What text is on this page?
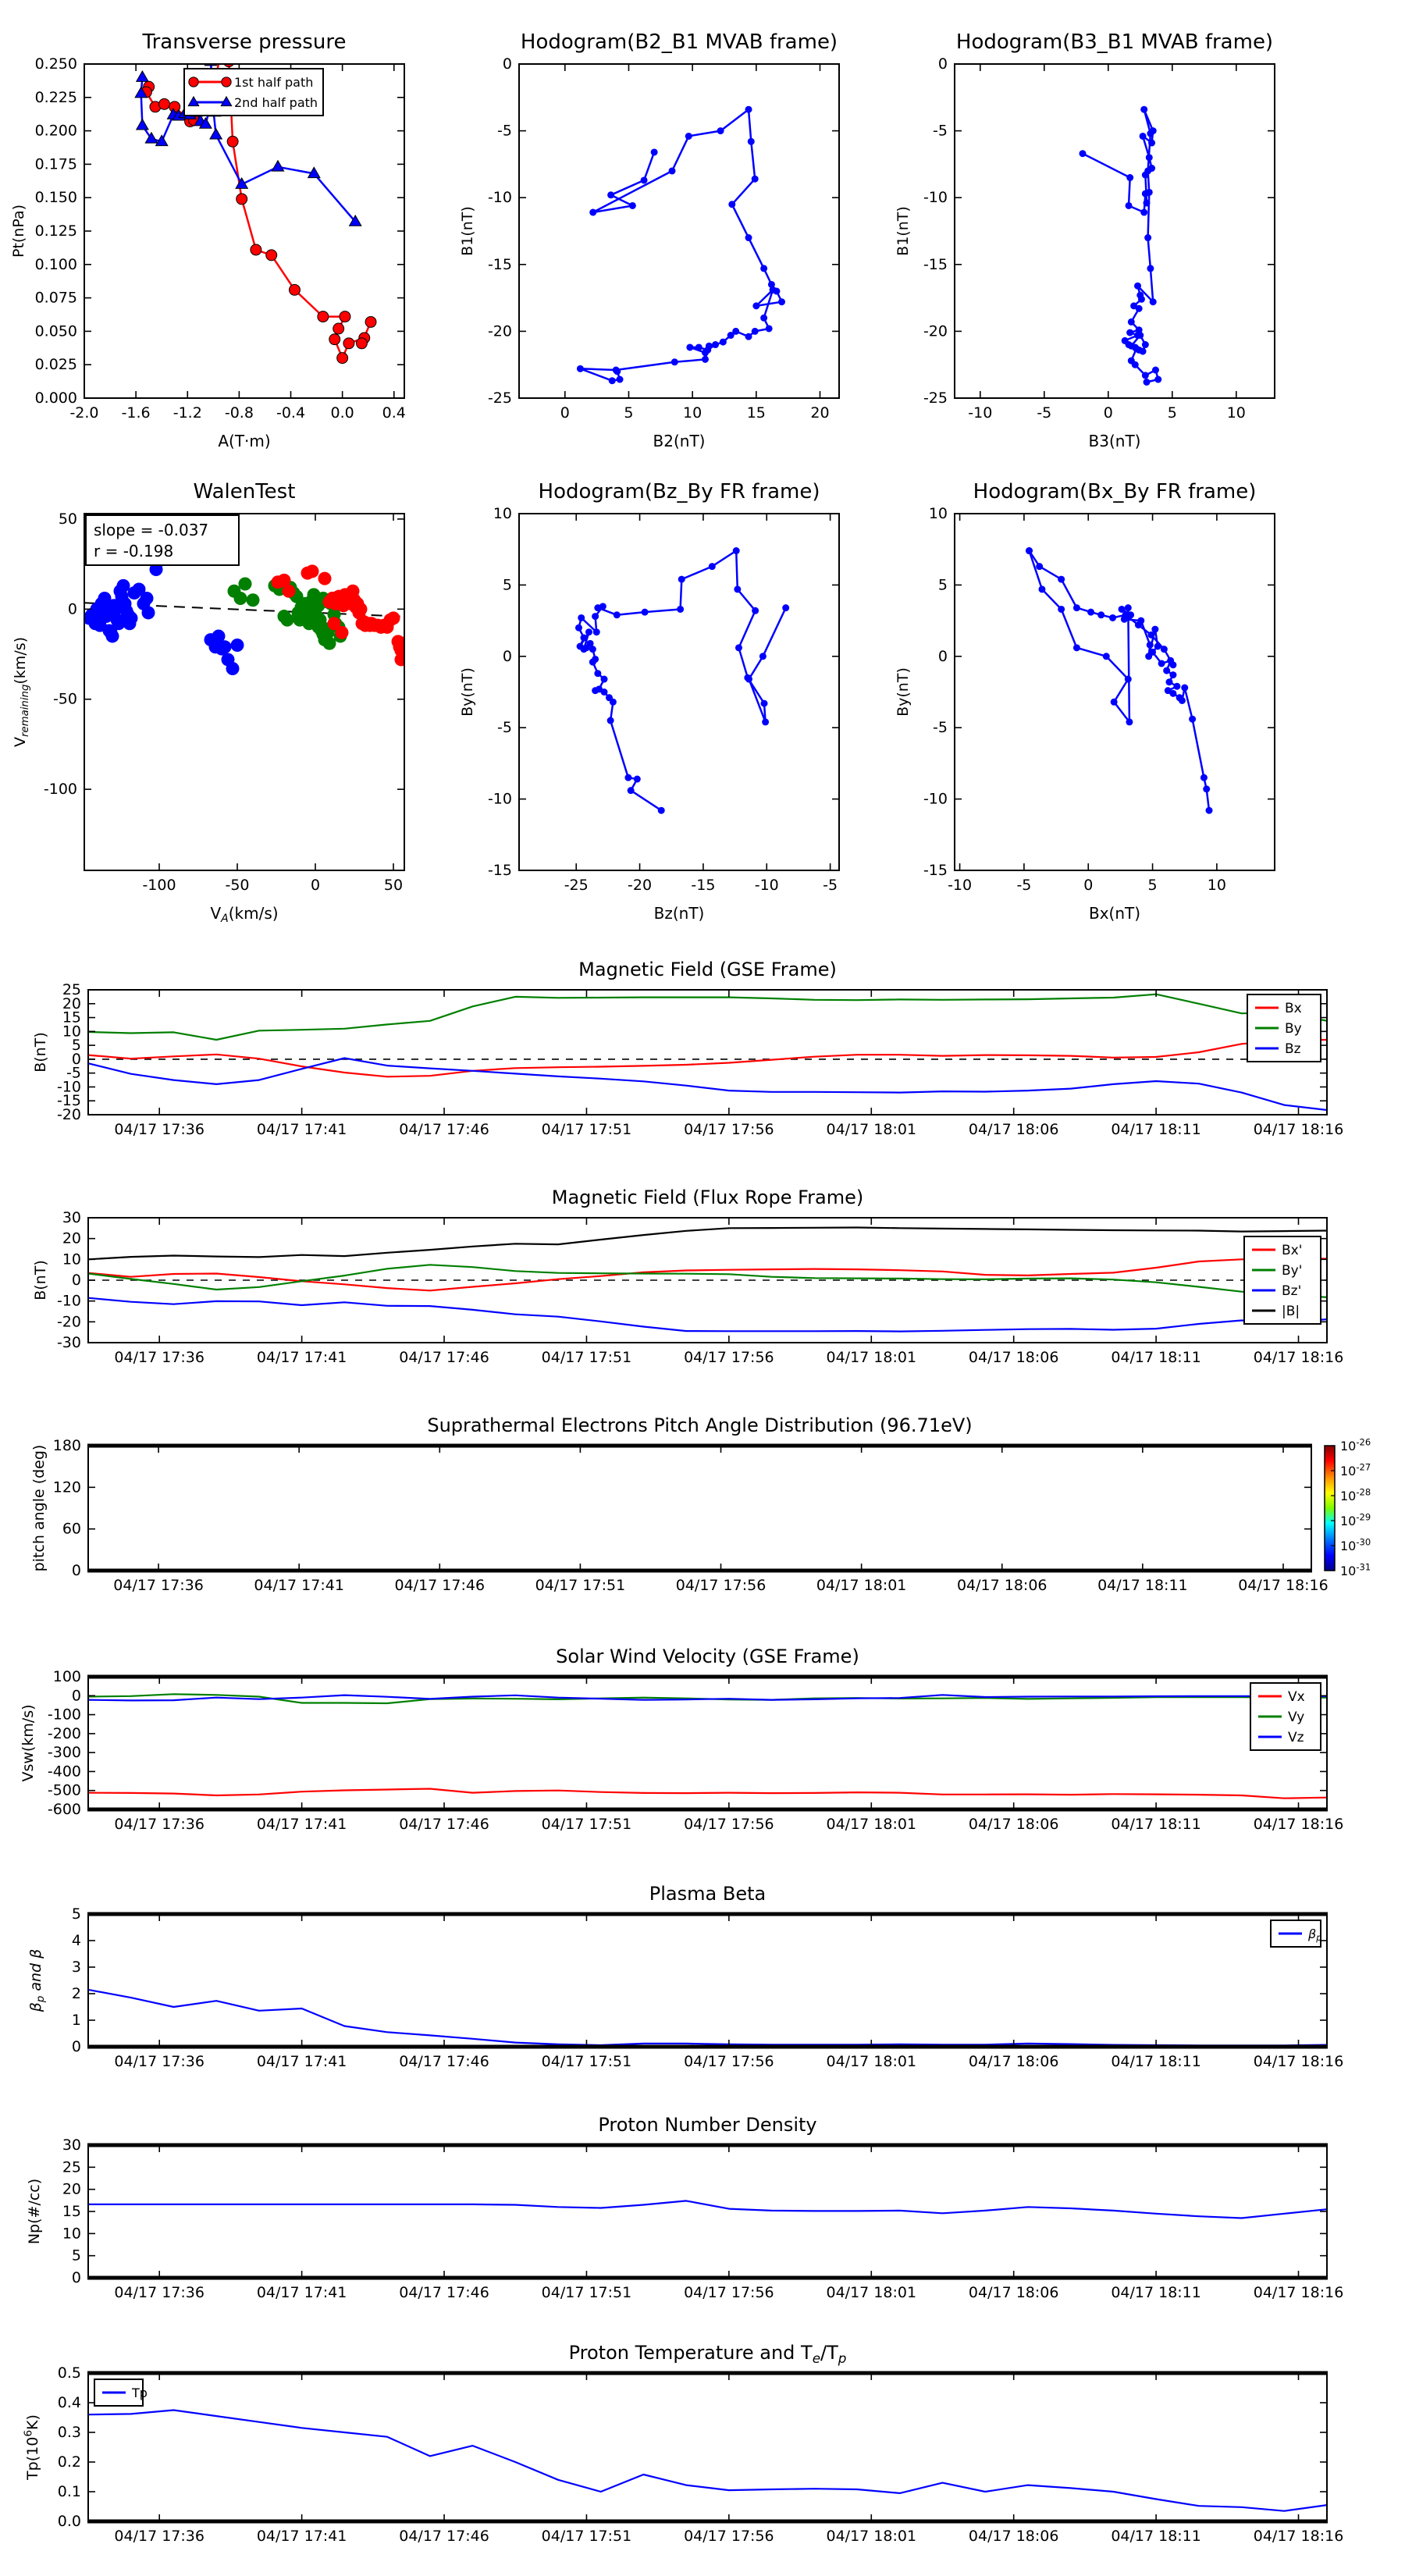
-2.0 -1.6 -1.2 -0.8 -0.4 0.0 0.4
0.000
0.025
0.050
0.075
0.100
0.125
0.150
0.175
0.200
0.225
0.250
Transverse pressure
A(T·m)
Pt(nPa)
1st half path
2nd half path
0	5	10	15	20
0
-5
-10
-15
-20
-25
Hodogram(B2_B1 MVAB frame)
B2(nT)
B1(nT)
-10	-5	0	5	10
0
-5
-10
-15
-20
-25
Hodogram(B3_B1 MVAB frame)
B3(nT)
B1(nT)
-100	-50	0	50
50
0
-50
-100
WalenTest
$V_A(km/s)$
Vremaining(km/s)
slope = -0.037
r = -0.198
-25	-20	-15	-10	-5
10
5
0
-5
-10
-15
Hodogram(Bz_By FR frame)
Bz(nT)
By(nT)
-10	-5	0	5	10
10
5
0
-5
-10
-15
Hodogram(Bx_By FR frame)
Bx(nT)
By(nT)
04/17 17:36	04/17 17:41	04/17 17:46	04/17 17:51	04/17 17:56	04/17 18:01	04/17 18:06	04/17 18:11	04/17 18:16
25
20
15
10
5
0
-5
-10
-15
-20
Magnetic Field (GSE Frame)
B(nT)
Bx
By
Bz
04/17 17:36	04/17 17:41	04/17 17:46	04/17 17:51	04/17 17:56	04/17 18:01	04/17 18:06	04/17 18:11	04/17 18:16
30
20
10
0
-10
-20
-30
Magnetic Field (Flux Rope Frame)
B(nT)
Bx'
By'
Bz'
|B|
04/17 17:36	04/17 17:41	04/17 17:46	04/17 17:51	04/17 17:56	04/17 18:01	04/17 18:06	04/17 18:11	04/17 18:16
0
60
120
180
Suprathermal Electrons Pitch Angle Distribution (96.71eV)
pitch angle (deg)	$10^{-26}$
$10^{-27}$
$10^{-28}$
$10^{-29}$
$10^{-30}$
$10^{-31}$
04/17 17:36	04/17 17:41	04/17 17:46	04/17 17:51	04/17 17:56	04/17 18:01	04/17 18:06	04/17 18:11	04/17 18:16
100
0
-100
-200
-300
-400
-500
-600
Solar Wind Velocity (GSE Frame)
Vsw(km/s)
Vx
Vy
Vz
04/17 17:36	04/17 17:41	04/17 17:46	04/17 17:51	04/17 17:56	04/17 18:01	04/17 18:06	04/17 18:11	04/17 18:16
0
1
2
3
4
5
Plasma Beta
βp and β
$\beta_p$
04/17 17:36	04/17 17:41	04/17 17:46	04/17 17:51	04/17 17:56	04/17 18:01	04/17 18:06	04/17 18:11	04/17 18:16
0
5
10
15
20
25
30
Proton Number Density
Np(#/cc)
04/17 17:36	04/17 17:41	04/17 17:46	04/17 17:51	04/17 17:56	04/17 18:01	04/17 18:06	04/17 18:11	04/17 18:16
0.0
0.1
0.2
0.3
0.4
0.5
Proton Temperature and Te/Tp
$Tp(10^6K)$
Tp
